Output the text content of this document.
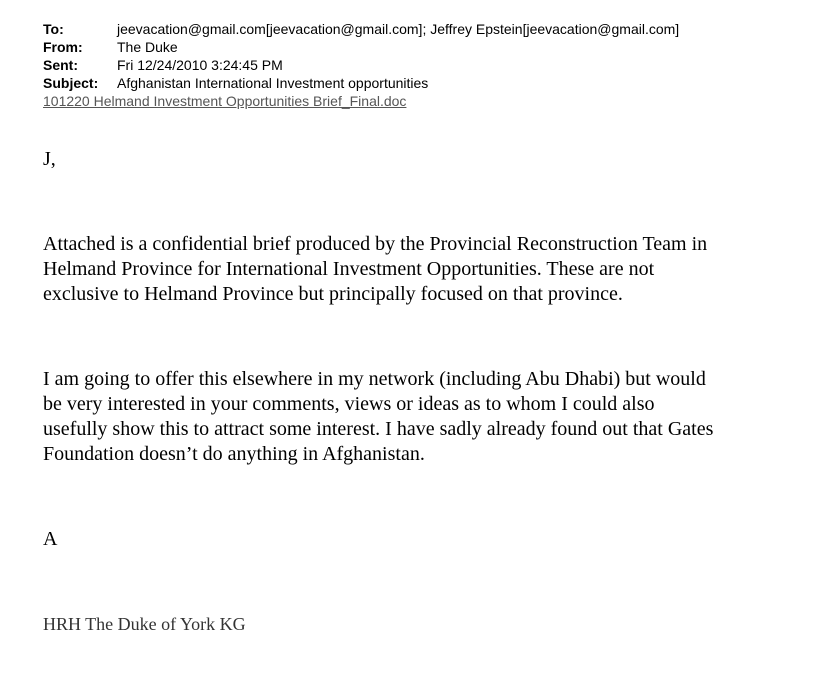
To:	jeevacation@gmail.com[jeevacation@gmail.com]; Jeffrey Epstein[jeevacation@gmail.com]
From:	The Duke
Sent:	Fri 12/24/2010 3:24:45 PM
Subject:	Afghanistan International Investment opportunities
101220 Helmand Investment Opportunities Brief_Final.doc
J,
Attached is a confidential brief produced by the Provincial Reconstruction Team in
Helmand Province for International Investment Opportunities. These are not
exclusive to Helmand Province but principally focused on that province.
I am going to offer this elsewhere in my network (including Abu Dhabi) but would
be very interested in your comments, views or ideas as to whom I could also
usefully show this to attract some interest. I have sadly already found out that Gates
Foundation doesn’t do anything in Afghanistan.
A
HRH The Duke of York KG
